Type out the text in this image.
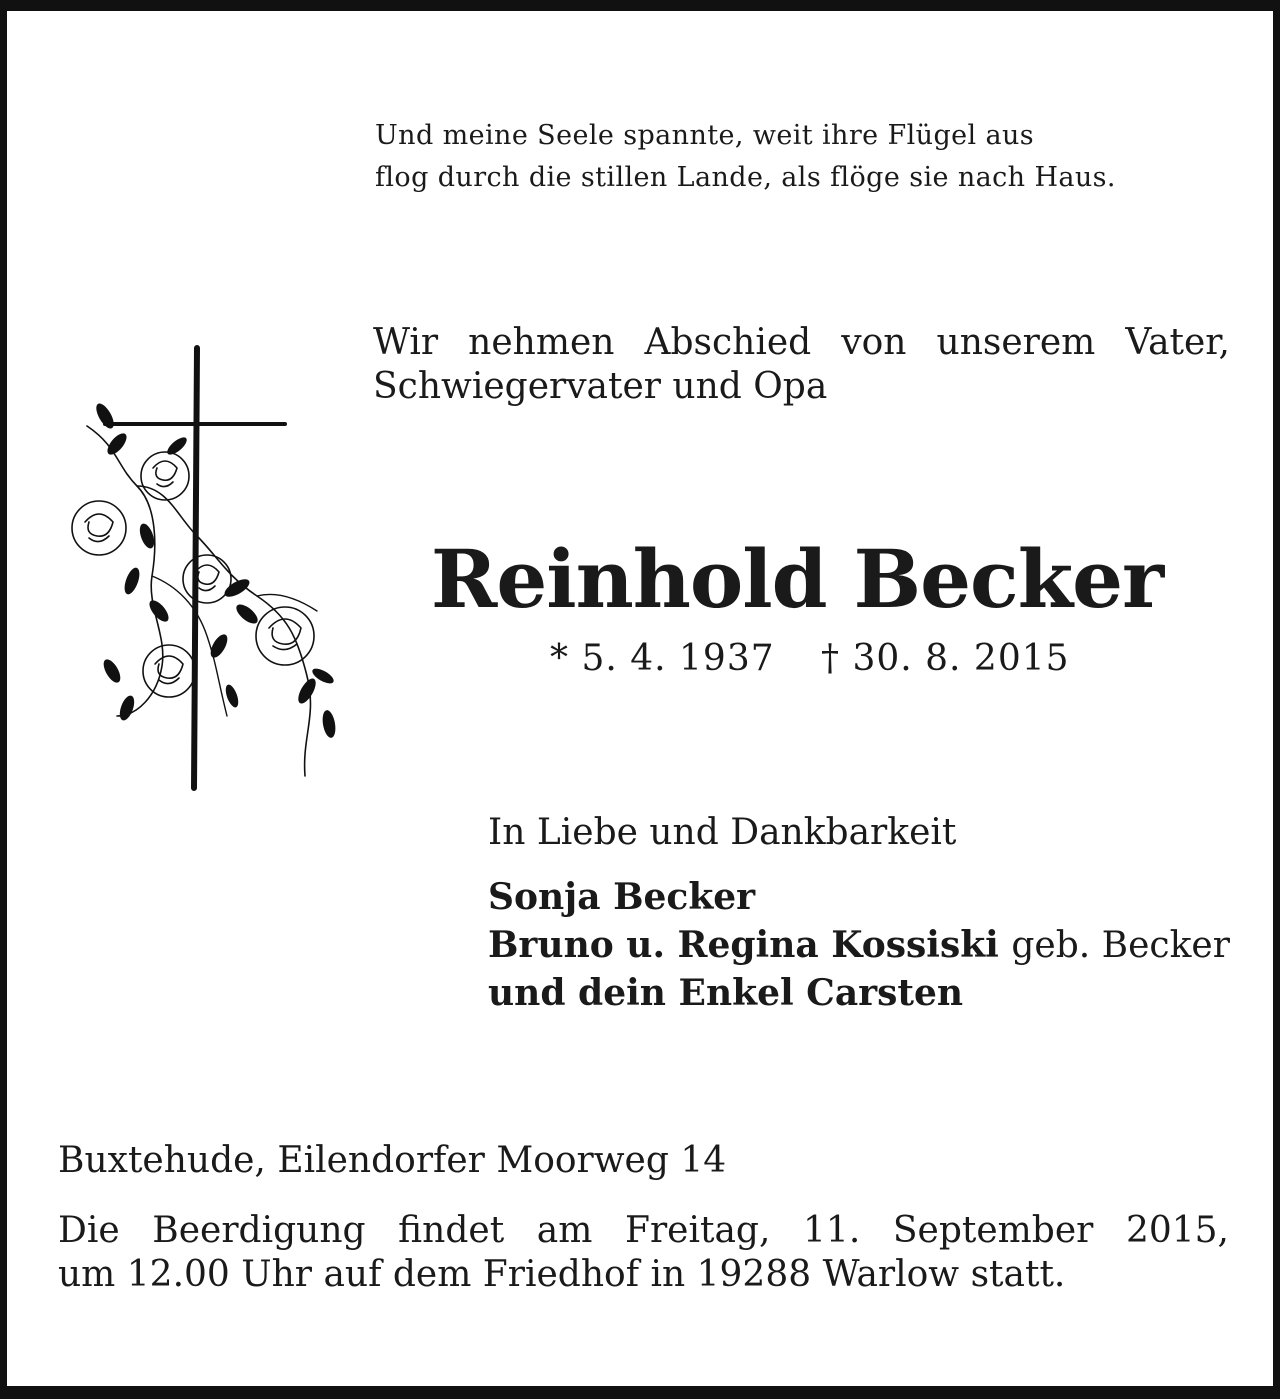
Und meine Seele spannte, weit ihre Flügel aus

flog durch die stillen Lande, als flöge sie nach Haus.

Wir nehmen Abschied von unserem Vater,

Schwiegervater und Opa

Reinhold Becker
* 5. 4. 1937 † 30. 8. 2015

In Liebe und Dankbarkeit

Sonja Becker

Bruno u. Regina Kossiski geb. Becker

und dein Enkel Carsten

Buxtehude, Eilendorfer Moorweg 14

Die Beerdigung findet am Freitag, 11. September 2015,

um 12.00 Uhr auf dem Friedhof in 19288 Warlow statt.
